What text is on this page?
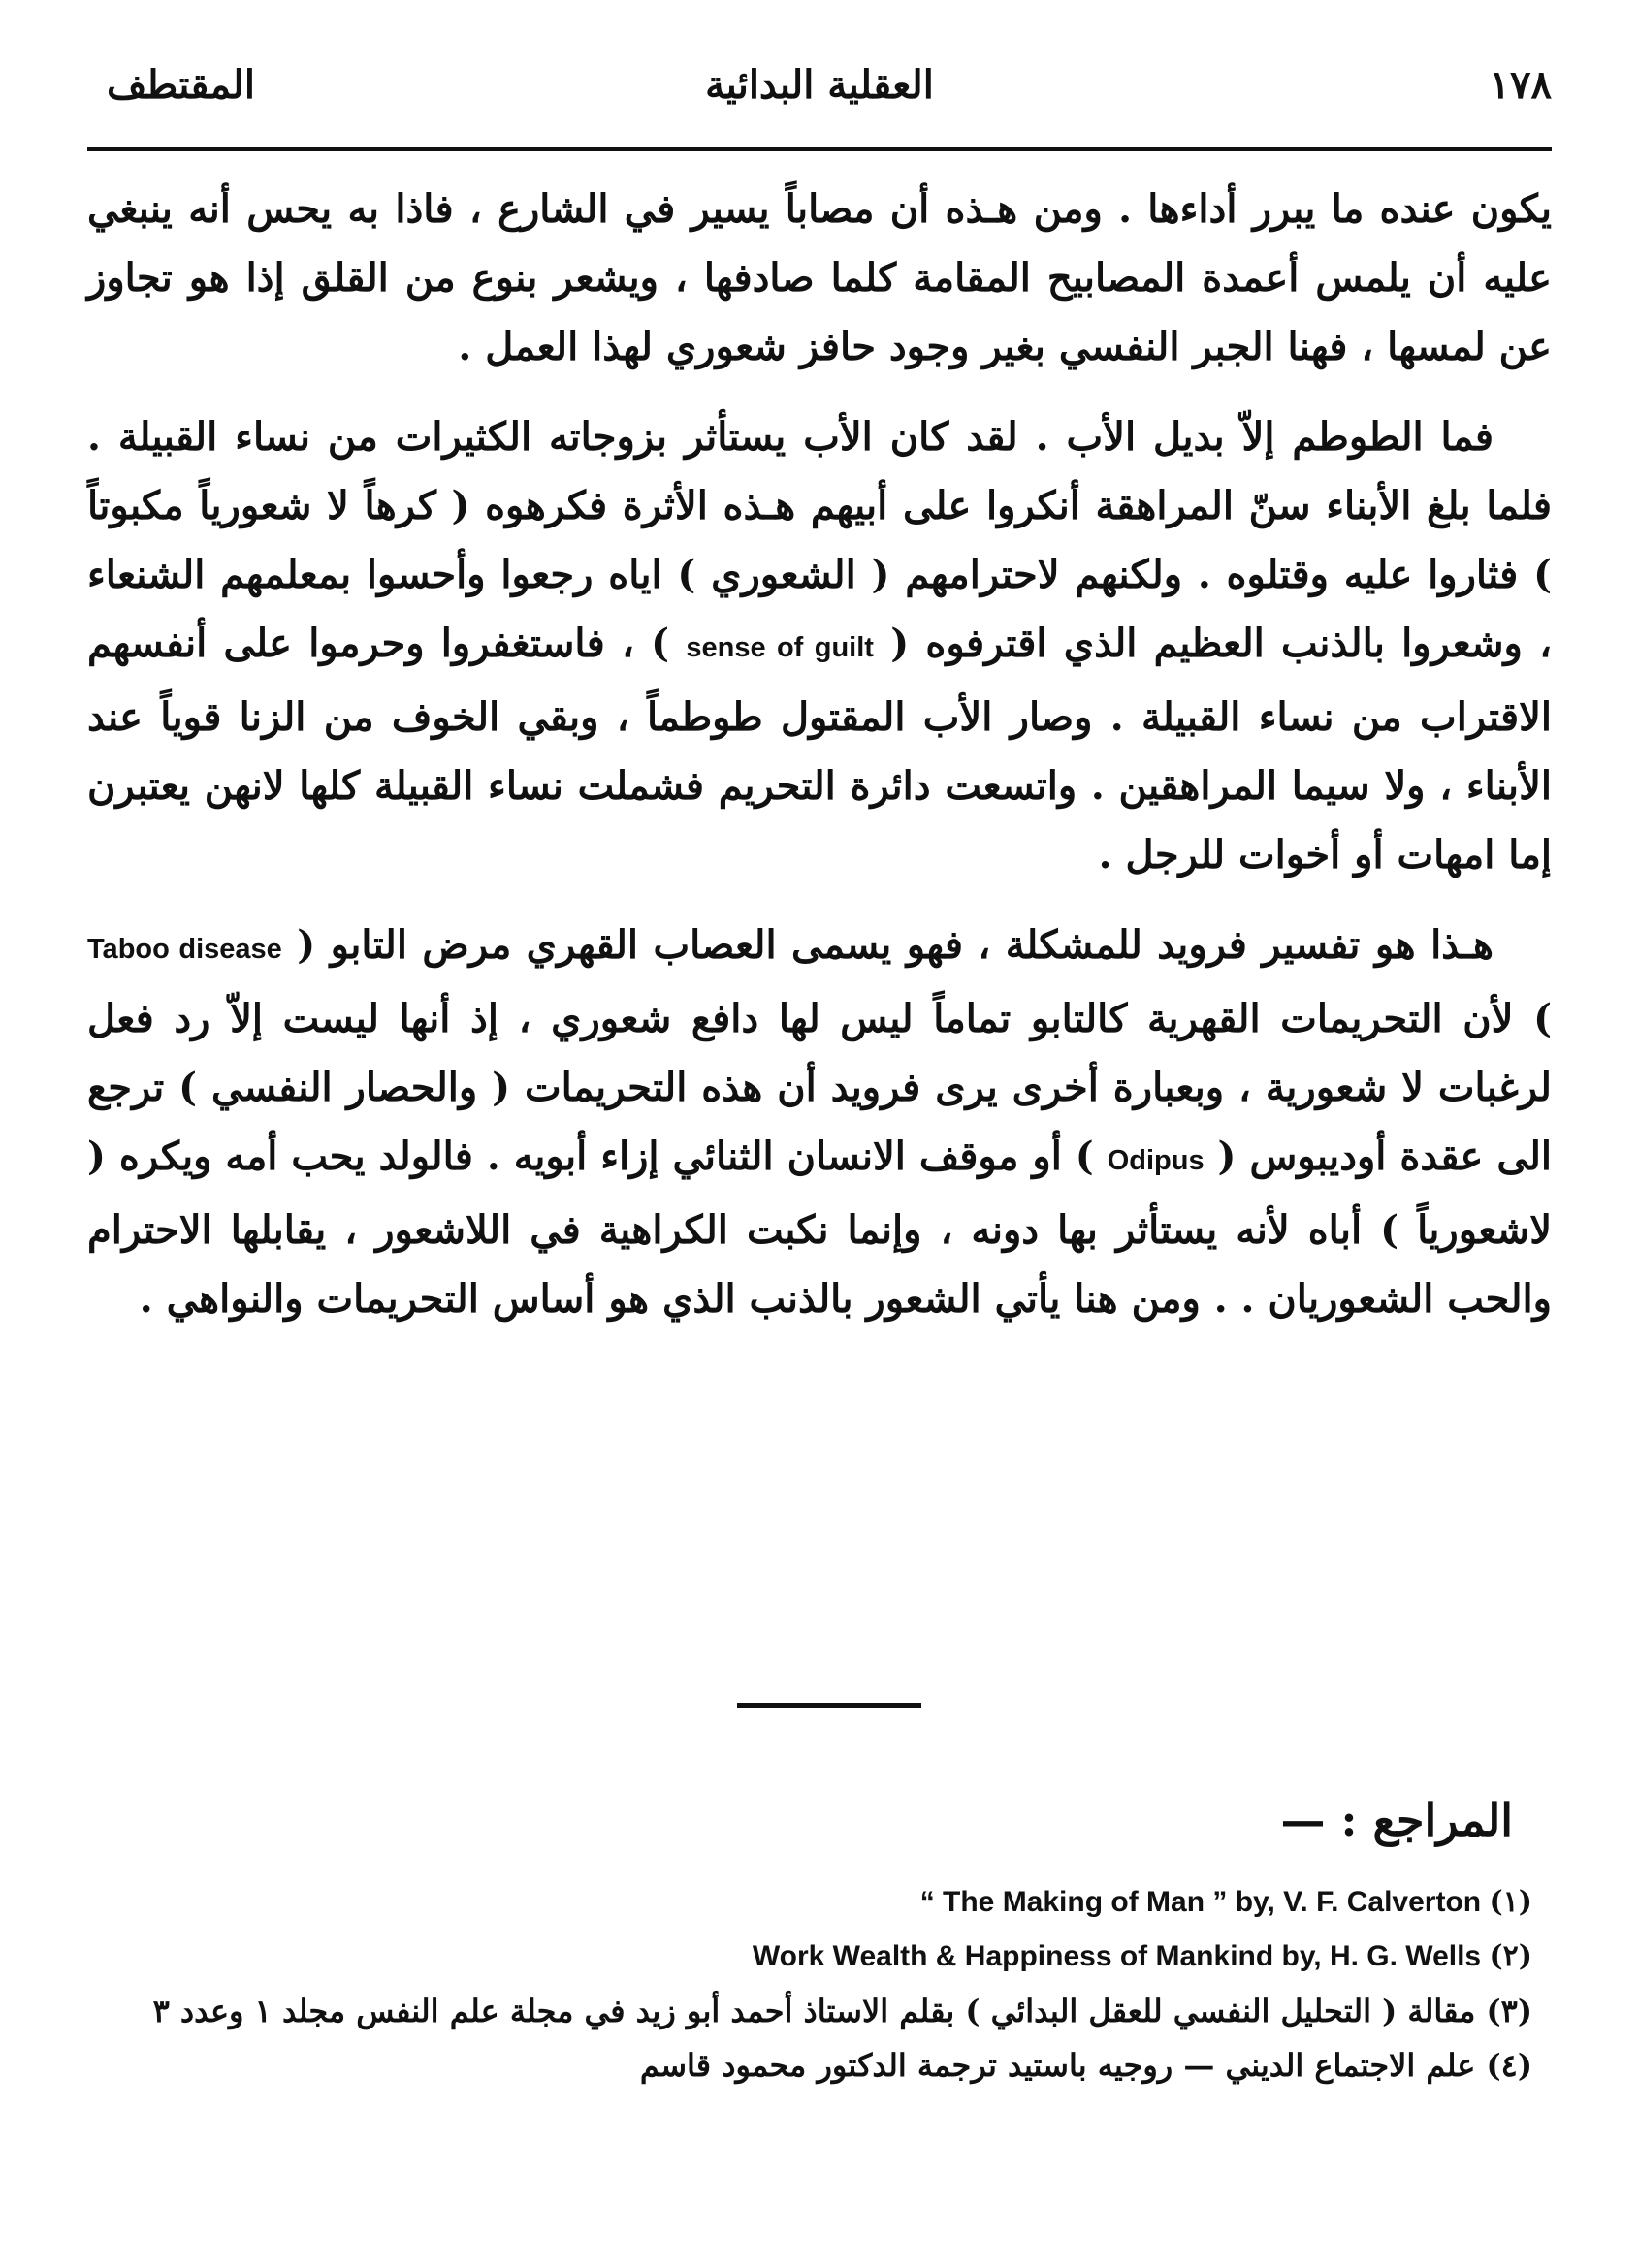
١٧٨
العقلية البدائية
المقتطف

يكون عنده ما يبرر أداءها . ومن هـذه أن مصاباً يسير في الشارع ، فاذا به يحس أنه ينبغي عليه أن يلمس أعمدة المصابيح المقامة كلما صادفها ، ويشعر بنوع من القلق إذا هو تجاوز عن لمسها ، فهنا الجبر النفسي بغير وجود حافز شعوري لهذا العمل .

فما الطوطم إلاّ بديل الأب . لقد كان الأب يستأثر بزوجاته الكثيرات من نساء القبيلة . فلما بلغ الأبناء سنّ المراهقة أنكروا على أبيهم هـذه الأثرة فكرهوه ( كرهاً لا شعورياً مكبوتاً ) فثاروا عليه وقتلوه . ولكنهم لاحترامهم ( الشعوري ) اياه رجعوا وأحسوا بمعلمهم الشنعاء ، وشعروا بالذنب العظيم الذي اقترفوه ( sense of guilt ) ، فاستغفروا وحرموا على أنفسهم الاقتراب من نساء القبيلة . وصار الأب المقتول طوطماً ، وبقي الخوف من الزنا قوياً عند الأبناء ، ولا سيما المراهقين . واتسعت دائرة التحريم فشملت نساء القبيلة كلها لانهن يعتبرن إما امهات أو أخوات للرجل .

هـذا هو تفسير فرويد للمشكلة ، فهو يسمى العصاب القهري مرض التابو ( Taboo disease ) لأن التحريمات القهرية كالتابو تماماً ليس لها دافع شعوري ، إذ أنها ليست إلاّ رد فعل لرغبات لا شعورية ، وبعبارة أخرى يرى فرويد أن هذه التحريمات ( والحصار النفسي ) ترجع الى عقدة أوديبوس ( Odipus ) أو موقف الانسان الثنائي إزاء أبويه . فالولد يحب أمه ويكره ( لاشعورياً ) أباه لأنه يستأثر بها دونه ، وإنما نكبت الكراهية في اللاشعور ، يقابلها الاحترام والحب الشعوريان . . ومن هنا يأتي الشعور بالذنب الذي هو أساس التحريمات والنواهي .

المراجع : —
(١) “ The Making of Man ” by, V. F. Calverton
(٢) Work Wealth & Happiness of Mankind by, H. G. Wells
(٣) مقالة ( التحليل النفسي للعقل البدائي ) بقلم الاستاذ أحمد أبو زيد في مجلة علم النفس مجلد ١ وعدد ٣
(٤) علم الاجتماع الديني — روجيه باستيد ترجمة الدكتور محمود قاسم
